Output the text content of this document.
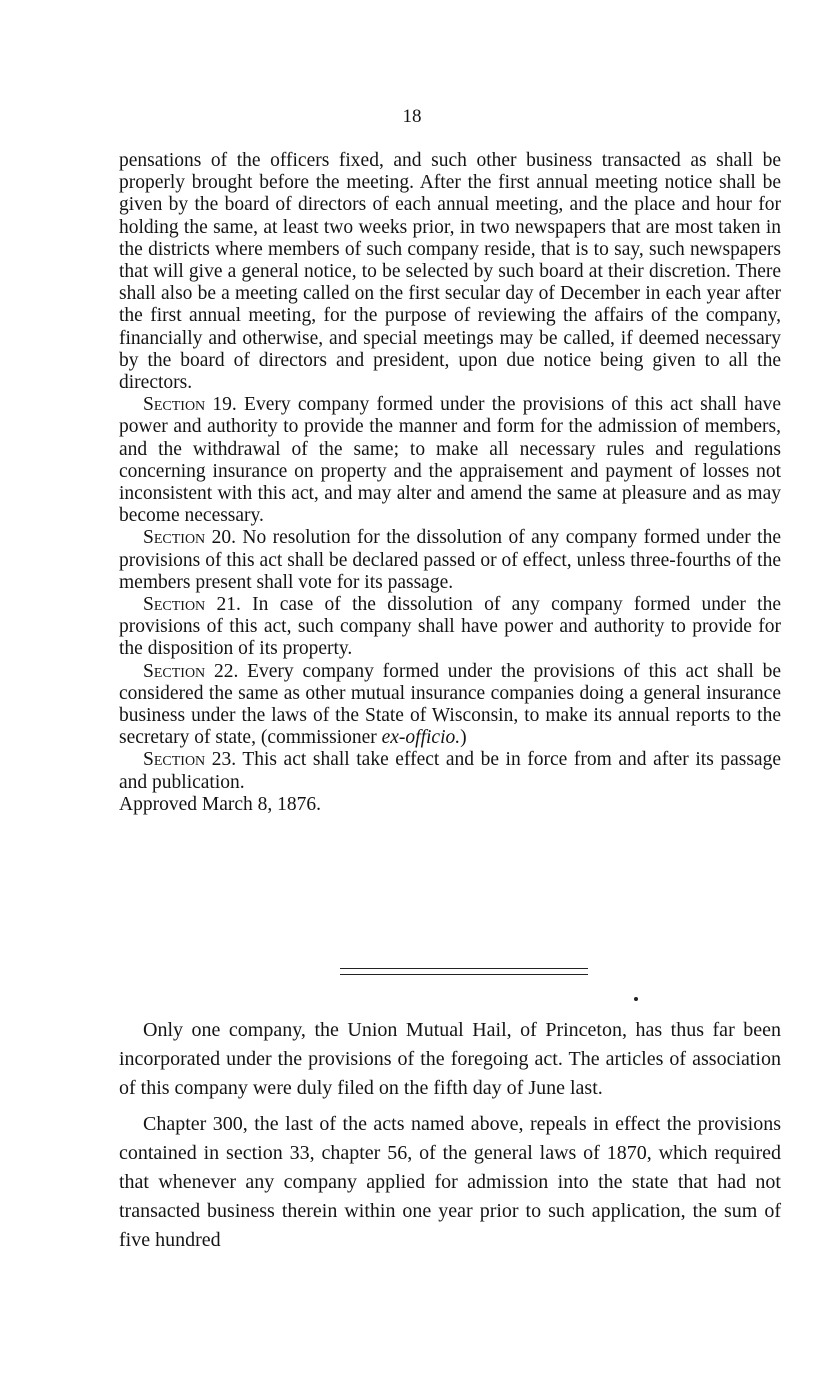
18

pensations of the officers fixed, and such other business transacted as shall be properly brought before the meeting. After the first annual meeting notice shall be given by the board of directors of each annual meeting, and the place and hour for holding the same, at least two weeks prior, in two newspapers that are most taken in the districts where members of such company reside, that is to say, such newspapers that will give a general notice, to be selected by such board at their discretion. There shall also be a meeting called on the first secular day of December in each year after the first annual meeting, for the purpose of reviewing the affairs of the company, financially and otherwise, and special meetings may be called, if deemed necessary by the board of directors and president, upon due notice being given to all the directors.

Section 19. Every company formed under the provisions of this act shall have power and authority to provide the manner and form for the admission of members, and the withdrawal of the same; to make all necessary rules and regulations concerning insurance on property and the appraisement and payment of losses not inconsistent with this act, and may alter and amend the same at pleasure and as may become necessary.

Section 20. No resolution for the dissolution of any company formed under the provisions of this act shall be declared passed or of effect, unless three-fourths of the members present shall vote for its passage.

Section 21. In case of the dissolution of any company formed under the provisions of this act, such company shall have power and authority to provide for the disposition of its property.

Section 22. Every company formed under the provisions of this act shall be considered the same as other mutual insurance companies doing a general insurance business under the laws of the State of Wisconsin, to make its annual reports to the secretary of state, (commissioner ex-officio.)

Section 23. This act shall take effect and be in force from and after its passage and publication.

Approved March 8, 1876.

Only one company, the Union Mutual Hail, of Princeton, has thus far been incorporated under the provisions of the foregoing act. The articles of association of this company were duly filed on the fifth day of June last.

Chapter 300, the last of the acts named above, repeals in effect the provisions contained in section 33, chapter 56, of the general laws of 1870, which required that whenever any company applied for admission into the state that had not transacted business therein within one year prior to such application, the sum of five hundred
